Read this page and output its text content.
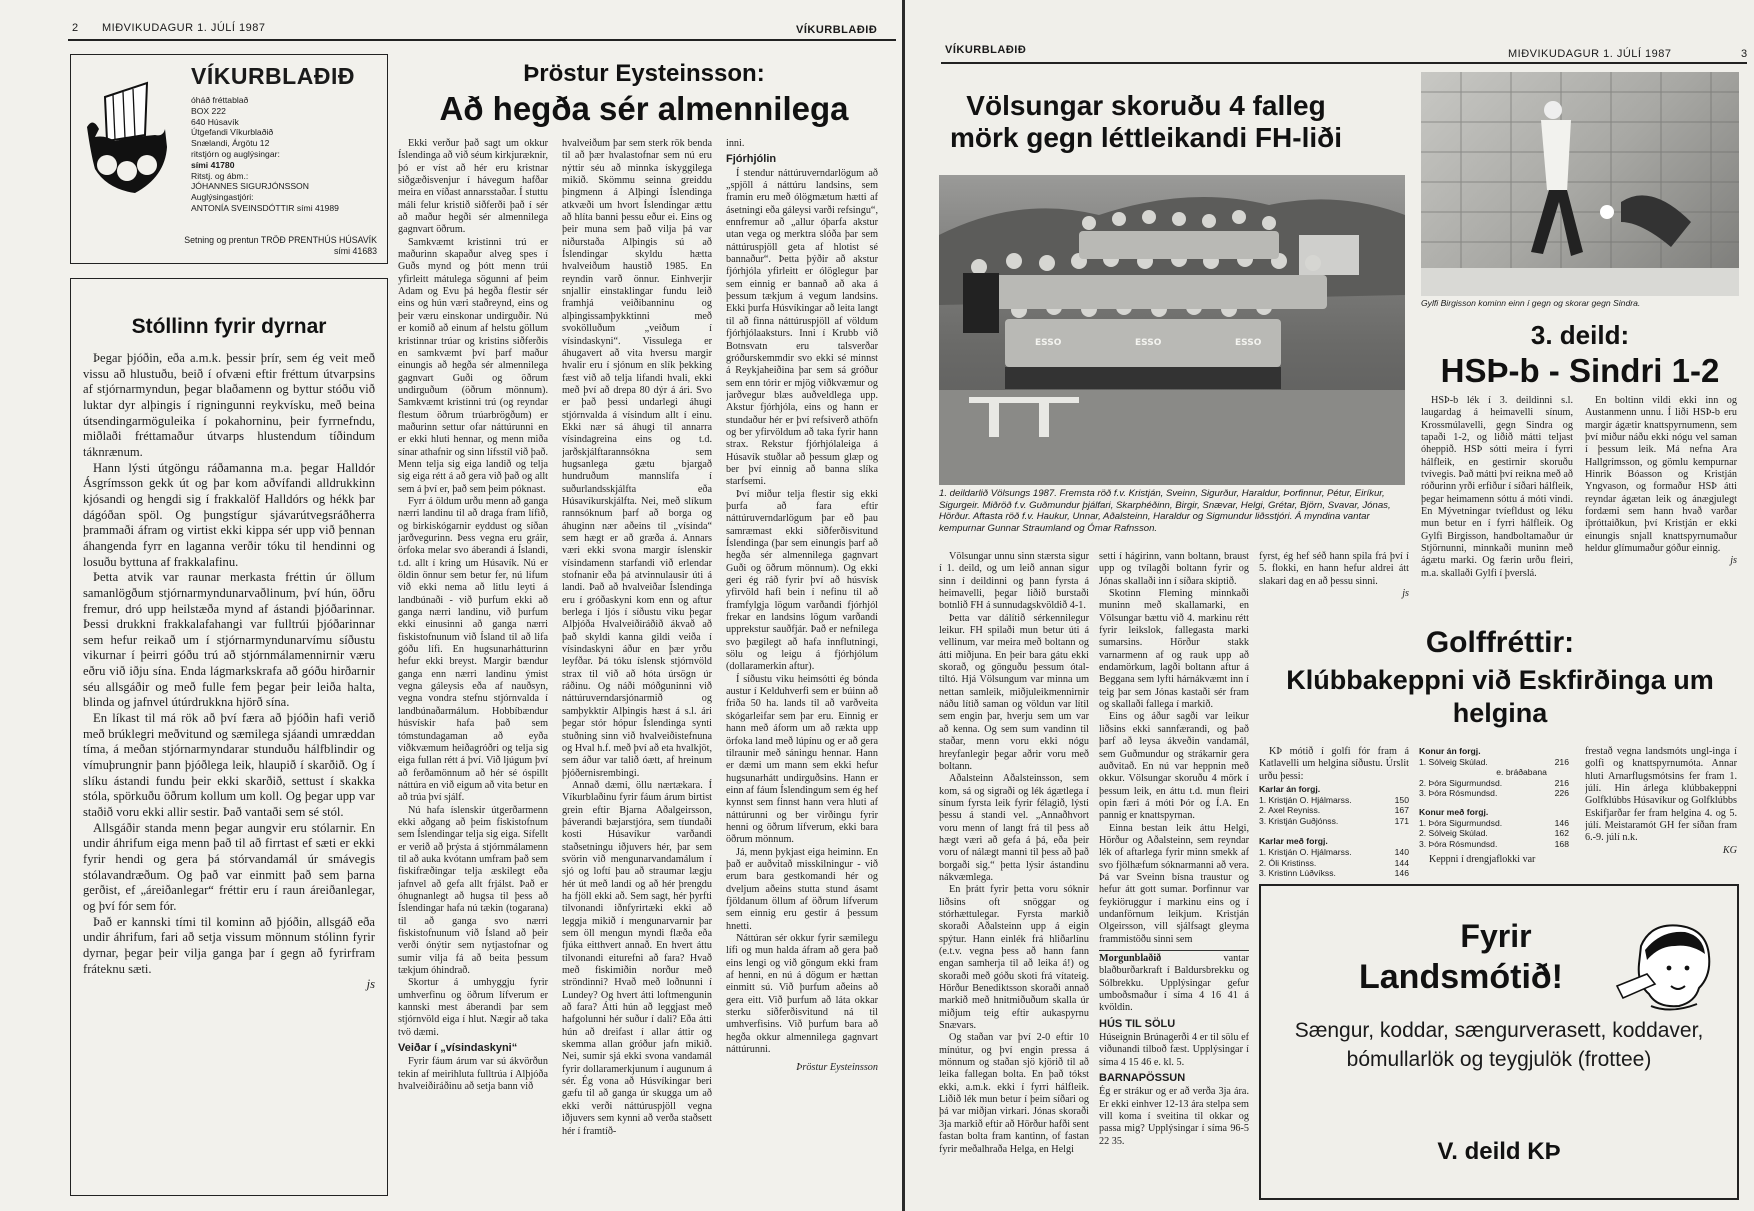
2 MIÐVIKUDAGUR 1. JÚLÍ 1987	VÍKURBLAÐIÐ
VÍKURBLAÐIÐ
óháð fréttablað
BOX 222
640 Húsavík
Útgefandi Víkurblaðið
Snælandi, Árgötu 12
ritstjórn og auglýsingar:
sími 41780
Ritstj. og ábm.:
JÓHANNES SIGURJÓNSSON
Auglýsingastjóri:
ANTONÍA SVEINSDÓTTIR sími 41989
Setning og prentun TRÖÐ PRENTHÚS HÚSAVÍK
sími 41683
Stóllinn fyrir dyrnar

Þegar þjóðin, eða a.m.k. þessir þrír, sem ég veit með vissu að hlustuðu, beið í ofvæni eftir fréttum útvarpsins af stjórnarmyndun, þegar blaðamenn og byttur stóðu við luktar dyr alþingis í rigningunni reykvísku, með beina útsendingarmöguleika í pokahorninu, þeir fyrrnefndu, miðlaði fréttamaður útvarps hlustendum tíðindum táknrænum.

Hann lýsti útgöngu ráðamanna m.a. þegar Halldór Ásgrímsson gekk út og þar kom aðvífandi alldrukkinn kjósandi og hengdi sig í frakkalöf Halldórs og hékk þar dágóðan spöl. Og þungstígur sjávarútvegsráðherra þrammaði áfram og virtist ekki kippa sér upp við þennan áhangenda fyrr en laganna verðir tóku til hendinni og losuðu byttuna af frakkalafinu.

Þetta atvik var raunar merkasta fréttin úr öllum samanlögðum stjórnarmyndunarvaðlinum, því hún, öðru fremur, dró upp heilstæða mynd af ástandi þjóðarinnar. Þessi drukkni frakkalafahangi var fulltrúi þjóðarinnar sem hefur reikað um í stjórnarmyndunarvímu síðustu vikurnar í þeirri góðu trú að stjórnmálamennirnir væru eðru við iðju sína. Enda lágmarkskrafa að góðu hirðarnir séu allsgáðir og með fulle fem þegar þeir leiða halta, blinda og jafnvel útúrdrukkna hjörð sína.

En líkast til má rök að því færa að þjóðin hafi verið með brúklegri meðvitund og sæmilega sjáandi umræddan tíma, á meðan stjórnarmyndarar stunduðu hálfblindir og vímuþrungnir þann þjóðlega leik, hlaupið í skarðið. Og í slíku ástandi fundu þeir ekki skarðið, settust í skakka stóla, spörkuðu öðrum kollum um koll. Og þegar upp var staðið voru ekki allir sestir. Það vantaði sem sé stól.

Allsgáðir standa menn þegar aungvir eru stólarnir. En undir áhrifum eiga menn það til að firrtast ef sæti er ekki fyrir hendi og gera þá stórvandamál úr smávegis stólavandræðum. Og það var einmitt það sem þarna gerðist, ef „áreiðanlegar“ fréttir eru í raun áreiðanlegar, og því fór sem fór.

Það er kannski tími til kominn að þjóðin, allsgáð eða undir áhrifum, fari að setja vissum mönnum stólinn fyrir dyrnar, þegar þeir vilja ganga þar í gegn að fyrirfram fráteknu sæti.

js
Þröstur Eysteinsson:
Að hegða sér almennilega

Ekki verður það sagt um okkur Íslendinga að við séum kirkjuræknir, þó er víst að hér eru kristnar siðgæðisvenjur í hávegum hafðar meira en víðast annarsstaðar. Í stuttu máli felur kristið siðferði það í sér að maður hegði sér almennilega gagnvart öðrum.

Samkvæmt kristinni trú er maðurinn skapaður alveg spes í Guðs mynd og þótt menn trúi yfirleitt mátulega sögunni af þeim Adam og Evu þá hegða flestir sér eins og hún væri staðreynd, eins og þeir væru einskonar undirguðir. Nú er komið að einum af helstu göllum kristinnar trúar og kristins siðferðis en samkvæmt því þarf maður einungis að hegða sér almennilega gagnvart Guði og öðrum undirguðum (öðrum mönnum). Samkvæmt kristinni trú (og reyndar flestum öðrum trúarbrögðum) er maðurinn settur ofar náttúrunni en er ekki hluti hennar, og menn miða sínar athafnir og sinn lífsstíl við það. Menn telja sig eiga landið og telja sig eiga rétt á að gera við það og allt sem á því er, það sem þeim póknast.

Fyrr á öldum urðu menn að ganga nærri landinu til að draga fram lífið, og birkiskógarnir eyddust og síðan jarðvegurinn. Þess vegna eru gráir, örfoka melar svo áberandi á Íslandi, t.d. allt í kring um Húsavík. Nú er öldin önnur sem betur fer, nú lifum við ekki nema að litlu leyti á landbúnaði - við þurfum ekki að ganga nærri landinu, við þurfum ekki einusinni að ganga nærri fiskistofnunum við Ísland til að lifa góðu lífi. En hugsunarhátturinn hefur ekki breyst. Margir bændur ganga enn nærri landinu ýmist vegna gáleysis eða af nauðsyn, vegna vondra stefnu stjórnvalda í landbúnaðarmálum. Hobbíbændur húsvískir hafa það sem tómstundagaman að eyða viðkvæmum heiðagróðri og telja sig eiga fullan rétt á því. Við ljúgum því að ferðamönnum að hér sé óspillt náttúra en við eigum að vita betur en að trúa því sjálf.

Nú hafa íslenskir útgerðarmenn ekki aðgang að þeim fiskistofnum sem Íslendingar telja sig eiga. Sífellt er verið að þrýsta á stjórnmálamenn til að auka kvótann umfram það sem fiskifræðingar telja æskilegt eða jafnvel að gefa allt frjálst. Það er óhugnanlegt að hugsa til þess að Íslendingar hafa nú tækin (togarana) til að ganga svo nærri fiskistofnunum við Ísland að þeir verði ónýtir sem nytjastofnar og sumir vilja fá að beita þessum tækjum óhindrað.

Skortur á umhyggju fyrir umhverfinu og öðrum lífverum er kannski mest áberandi þar sem stjórnvöld eiga í hlut. Nægir að taka tvö dæmi.

Veiðar í „vísindaskyni“

Fyrir fáum árum var sú ákvörðun tekin af meirihluta fulltrúa í Alþjóða hvalveiðiráðinu að setja bann við

hvalveiðum þar sem sterk rök benda til að þær hvalastofnar sem nú eru nýttir séu að minnka ískyggilega mikið. Skömmu seinna greiddu þingmenn á Alþingi Íslendinga atkvæði um hvort Íslendingar ættu að hlíta banni þessu eður ei. Eins og þeir muna sem það vilja þá var niðurstaða Alþingis sú að Íslendingar skyldu hætta hvalveiðum haustið 1985. En reyndin varð önnur. Einhverjir snjallir einstaklingar fundu leið framhjá veiðibanninu og alþingissamþykktinni með svokölluðum „veiðum í vísindaskyni“. Vissulega er áhugavert að vita hversu margir hvalir eru í sjónum en slík þekking fæst við að telja lifandi hvali, ekki með því að drepa 80 dýr á ári. Svo er það þessi undarlegi áhugi stjórnvalda á vísindum allt í einu. Ekki nær sá áhugi til annarra vísindagreina eins og t.d. jarðskjálftarannsókna sem hugsanlega gætu bjargað hundruðum mannslífa í suðurlandsskjálfta eða Húsavíkurskjálfta. Nei, með slíkum rannsóknum þarf að borga og áhuginn nær aðeins til „vísinda“ sem hægt er að græða á. Annars væri ekki svona margir íslenskir vísindamenn starfandi við erlendar stofnanir eða þá atvinnulausir úti á landi. Það að hvalveiðar Íslendinga eru í gróðaskyni kom enn og aftur berlega í ljós í síðustu viku þegar Alþjóða Hvalveiðiráðið ákvað að það skyldi kanna gildi veiða í vísindaskyni áður en þær yrðu leyfðar. Þá tóku íslensk stjórnvöld strax til við að hóta úrsögn úr ráðinu. Og náði móðguninni við náttúruverndarsjónarmið og samþykktir Alþingis hæst á s.l. ári þegar stór hópur Íslendinga synti stuðning sinn við hvalveiðistefnuna og Hval h.f. með því að eta hvalkjöt, sem áður var talið óætt, af hreinum þjóðernisrembingi.

Annað dæmi, öllu nærtækara. Í Víkurblaðinu fyrir fáum árum birtist grein eftir Bjarna Aðalgeirsson, þáverandi bæjarstjóra, sem tíundaði kosti Húsavíkur varðandi staðsetningu iðjuvers hér, þar sem svörin við mengunarvandamálum í sjó og loftí þau að straumar lægju hér út með landi og að hér þrengdu ha fjöll ekki að. Sem sagt, hér þyrfti tilvonandi iðnfyrirtæki ekki að leggja mikið í mengunarvarnir þar sem öll mengun myndi flæða eða fjúka eitthvert annað. En hvert áttu tilvonandi eiturefni að fara? Hvað með fiskimiðin norður með ströndinni? Hvað með loðnunni í Lundey? Og hvert átti loftmengunin að fara? Átti hún að leggjast með hafgolunni hér suður í dali? Eða átti hún að dreifast í allar áttir og skemma allan gróður jafn mikið. Nei, sumir sjá ekki svona vandamál fyrir dollaramerkjunum í augunum á sér. Ég vona að Húsvíkingar beri gæfu til að ganga úr skugga um að ekki verði náttúruspjöll vegna iðjuvers sem kynni að verða staðsett hér í framtíð-

inni.

Fjórhjólin

Í stendur náttúruverndarlögum að „spjöll á náttúru landsins, sem framin eru með ólögmætum hætti af ásetningi eða gáleysi varði refsingu“, ennfremur að „allur óþarfa akstur utan vega og merktra slóða þar sem náttúruspjöll geta af hlotist sé bannaður“. Þetta þýðir að akstur fjórhjóla yfirleitt er ólöglegur þar sem einnig er bannað að aka á þessum tækjum á vegum landsins. Ekki þurfa Húsvíkingar að leita langt til að finna náttúruspjöll af völdum fjórhjólaaksturs. Inni í Krubb við Botnsvatn eru talsverðar gróðurskemmdir svo ekki sé minnst á Reykjaheiðina þar sem sá gróður sem enn tórir er mjög viðkvæmur og jarðvegur blæs auðveldlega upp. Akstur fjórhjóla, eins og hann er stundaður hér er því refsiverð athöfn og ber yfirvöldum að taka fyrir hann strax. Rekstur fjórhjólaleiga á Húsavík stuðlar að þessum glæp og ber því einnig að banna slíka starfsemi.

Því miður telja flestir sig ekki þurfa að fara eftir náttúruverndarlögum þar eð þau samræmast ekki siðferðisvitund Íslendinga (þar sem einungis þarf að hegða sér almennilega gagnvart Guði og öðrum mönnum). Og ekki geri ég ráð fyrir því að húsvísk yfirvöld hafi bein í nefinu til að framfylgja lögum varðandi fjórhjól frekar en landsins lögum varðandi upprekstur sauðfjár. Það er nefnilega svo þægilegt að hafa innflutningi, sölu og leigu á fjórhjólum (dollaramerkin aftur).

Í síðustu viku heimsótti ég bónda austur í Kelduhverfi sem er búinn að friða 50 ha. lands til að varðveita skógarleifar sem þar eru. Einnig er hann með áform um að rækta upp örfoka land með lúpínu og er að gera tilraunir með sáningu hennar. Hann er dæmi um mann sem ekki hefur hugsunarhátt undirguðsins. Hann er einn af fáum Íslendingum sem ég hef kynnst sem finnst hann vera hluti af náttúrunni og ber virðingu fyrir henni og öðrum lífverum, ekki bara öðrum mönnum.

Já, menn þykjast eiga heiminn. En það er auðvitað misskilningur - við erum bara gestkomandi hér og dveljum aðeins stutta stund ásamt fjöldanum öllum af öðrum lífverum sem einnig eru gestir á þessum hnetti.

Náttúran sér okkur fyrir sæmilegu lífi og mun halda áfram að gera það eins lengi og við göngum ekki fram af henni, en nú á dögum er hættan einmitt sú. Við þurfum aðeins að gera eitt. Við þurfum að láta okkar sterku siðferðisvitund ná til umhverfisins. Við þurfum bara að hegða okkur almennilega gagnvart náttúrunni.

Þröstur Eysteinsson
VÍKURBLAÐIÐ	MIÐVIKUDAGUR 1. JÚLÍ 1987	3
Völsungar skoruðu 4 falleg mörk gegn léttleikandi FH-liði
ESSO	ESSO	ESSO
1. deildarlið Völsungs 1987. Fremsta röð f.v. Kristján, Sveinn, Sigurður, Haraldur, Þorfinnur, Pétur, Eiríkur, Sigurgeir. Miðröð f.v. Guðmundur þjálfari, Skarphéðinn, Birgir, Snævar, Helgi, Grétar, Björn, Svavar, Jónas, Hörður. Aftasta röð f.v. Haukur, Unnar, Aðalsteinn, Haraldur og Sigmundur liðsstjóri. Á myndina vantar kempurnar Gunnar Straumland og Ómar Rafnsson.

Völsungar unnu sinn stærsta sigur í 1. deild, og um leið annan sigur sinn í deildinni og þann fyrsta á heimavelli, þegar liðið burstaði botnlið FH á sunnudagskvöldið 4-1.

Þetta var dálítið sérkennilegur leikur. FH spilaði mun betur úti á vellinum, var meira með boltann og átti miðjuna. En þeir bara gátu ekki skorað, og gönguðu þessum ótal-tiltó. Hjá Völsungum var minna um nettan samleik, miðjuleikmennirnir náðu lítið saman og völdun var lítil sem engin þar, hverju sem um var að kenna. Og sem sum vandinn til staðar, menn voru ekki nógu hreyfanlegir þegar aðrir voru með boltann.

Aðalsteinn Aðalsteinsson, sem kom, sá og sigraði og lék ágætlega í sínum fyrsta leik fyrir félagið, lýsti þessu á standi vel. „Annaðhvort voru menn of langt frá til þess að hægt væri að gefa á þá, eða þeir voru of nálægt manni til þess að það borgaði sig.“ þetta lýsir ástandinu nákvæmlega.

En þrátt fyrir þetta voru sóknir liðsins oft snöggar og stórhættulegar. Fyrsta markið skoraði Aðalsteinn upp á eigin spýtur. Hann einlék frá hliðarlínu (e.t.v. vegna þess að hann fann engan samherja til að leika á!) og skoraði með góðu skoti frá vítateig. Hörður Benediktsson skoraði annað markið með hnitmiðuðum skalla úr miðjum teig eftir aukaspyrnu Snævars.

Og staðan var því 2-0 eftir 10 mínútur, og því engin pressa á mönnum og staðan sjö kjörið til að leika fallegan bolta. En það tókst ekki, a.m.k. ekki í fyrri hálfleik. Liðið lék mun betur í þeim síðari og þá var miðjan virkari. Jónas skoraði 3ja markið eftir að Hörður hafði sent fastan bolta fram kantinn, of fastan fyrir meðalhraða Helga, en Helgi

setti í hágirinn, vann boltann, braust upp og tvílagði boltann fyrir og Jónas skallaði inn í síðara skiptið.

Skotinn Fleming minnkaði muninn með skallamarki, en Völsungar bættu við 4. markinu rétt fyrir leikslok, fallegasta marki sumarsins. Hörður stakk varnarmenn af og rauk upp að endamörkum, lagði boltann aftur á Beggana sem lyfti hárnákvæmt inn í teig þar sem Jónas kastaði sér fram og skallaði fallega í markið.

Eins og áður sagði var leikur liðsins ekki sannfærandi, og það þarf að leysa ákveðin vandamál, sem Guðmundur og strákarnir gera auðvitað. En nú var heppnin með okkur. Völsungar skoruðu 4 mörk í þessum leik, en áttu t.d. mun fleiri opin færi á móti Þór og Í.A. En pannig er knattspyrnan.

Einna bestan leik áttu Helgi, Hörður og Aðalsteinn, sem reyndar lék of aftarlega fyrir minn smekk af svo fjölhæfum sóknarmanni að vera. Þá var Sveinn bísna traustur og hefur átt gott sumar. Þorfinnur var feykiöruggur í markinu eins og í undanförnum leikjum. Kristján Olgeirsson, vill sjálfsagt gleyma frammistöðu sinni sem

Morgunblaðið	vantar blaðburðarkraft í Baldursbrekku og Sólbrekku. Upplýsingar gefur umboðsmaður í síma 4 16 41 á kvöldin.

HÚS TIL SÖLU

Húseignin Brúnagerði 4 er til sölu ef viðunandi tilboð fæst. Upplýsingar í síma 4 15 46 e. kl. 5.

BARNAPÖSSUN

Ég er strákur og er að verða 3ja ára. Er ekki einhver 12-13 ára stelpa sem vill koma í sveitina til okkar og passa mig? Upplýsingar í síma 96-5 22 35.

fyrst, ég hef séð hann spila frá því í 5. flokki, en hann hefur aldrei átt slakari dag en að þessu sinni.

js
Gylfi Birgisson kominn einn í gegn og skorar gegn Sindra.
3. deild:
HSÞ-b - Sindri 1-2

HSÞ-b lék í 3. deildinni s.l. laugardag á heimavelli sínum, Krossmúlavelli, gegn Sindra og tapaði 1-2, og liðið mátti teljast óheppið. HSÞ sótti meira í fyrri hálfleik, en gestirnir skoruðu tvívegis. Það mátti því reikna með að róðurinn yrði erfiður í síðari hálfleik, þegar heimamenn sóttu á móti vindi. En Mývetningar tvíefldust og léku mun betur en í fyrri hálfleik. Og Gylfi Birgisson, handboltamaður úr Stjörnunni, minnkaði muninn með ágætu marki. Og færin urðu fleiri, m.a. skallaði Gylfi í þverslá.

En boltinn vildi ekki inn og Austanmenn unnu. Í liði HSÞ-b eru margir ágætir knattspyrnumenn, sem því miður náðu ekki nógu vel saman í þessum leik. Má nefna Ara Hallgrímsson, og gömlu kempurnar Hinrik Bóasson og Kristján Yngvason, og formaður HSÞ átti reyndar ágætan leik og ánægjulegt fordæmi sem hann hvað varðar íþróttaiðkun, því Kristján er ekki einungis snjall knattspyrnumaður heldur glímumaður góður einnig.

js
Golffréttir:
Klúbbakeppni við Eskfirðinga um helgina

KÞ mótið í golfi fór fram á Katlavelli um helgina síðustu. Úrslit urðu þessi:

Karlar án forgj.
1. Kristján O. Hjálmarss.	150
2. Axel Reyniss.	167
3. Kristján Guðjónss.	171
Karlar með forgj.
1. Kristján O. Hjálmarss.	140
2. Óli Kristinss.	144
3. Kristinn Lúðvíkss.	146
Konur án forgj.
1. Sólveig Skúlad.	216
e. bráðabana	
2. Þóra Sigurmundsd.	216
3. Þóra Rósmundsd.	226
Konur með forgj.
1. Þóra Sigurmundsd.	146
2. Sólveig Skúlad.	162
3. Þóra Rósmundsd.	168
Keppni í drengjaflokki var

frestað vegna landsmóts ungl-inga í golfi og knattspyrnumóta. Annar hluti Arnarflugsmótsins fer fram 1. júlí. Hin árlega klúbbakeppni Golfklúbbs Húsavíkur og Golfklúbbs Eskifjarðar fer fram helgina 4. og 5. júlí. Meistaramót GH fer síðan fram 6.-9. júlí n.k.

KG
Fyrir
Landsmótið!
Sængur, koddar, sængurverasett, koddaver, bómullarlök og teygjulök (frottee)
V. deild KÞ
